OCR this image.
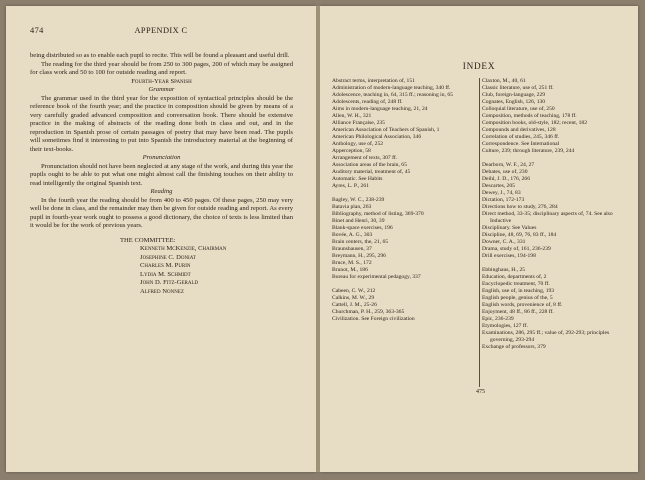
474	APPENDIX C

being distributed so as to enable each pupil to recite. This will be found a pleasant and useful drill.

The reading for the third year should be from 250 to 300 pages, 200 of which may be assigned for class work and 50 to 100 for outside reading and report.

Fourth-Year Spanish

Grammar

The grammar used in the third year for the exposition of syntactical principles should be the reference book of the fourth year; and the practice in composition should be given by means of a very carefully graded advanced composition and conversation book. There should be extensive practice in the making of abstracts of the reading done both in class and out, and in the reproduction in Spanish prose of certain passages of poetry that may have been read. The pupils will sometimes find it interesting to put into Spanish the introductory material at the beginning of their text-books.

Pronunciation

Pronunciation should not have been neglected at any stage of the work, and during this year the pupils ought to be able to put what one might almost call the finishing touches on their ability to read intelligently the original Spanish text.

Reading

In the fourth year the reading should be from 400 to 450 pages. Of these pages, 250 may very well be done in class, and the remainder may then be given for outside reading and report. As every pupil in fourth-year work ought to possess a good dictionary, the choice of texts is less limited than it would be for the work of previous years.

THE COMMITTEE:
Kenneth McKenzie, Chairman
Josephine C. Doniat
Charles M. Purin
Lydia M. Schmidt
John D. Fitz-Gerald
Alfred Nonnez
INDEX
Abstract terms, interpretation of, 151
Administration of modern-language teaching, 340 ff.
Adolescence, teaching in, 64, 315 ff.; reasoning in, 65
Adolescents, reading of, 248 ff.
Aims in modern-language teaching, 21, 24
Allen, W. H., 321
Alliance Française, 235
American Association of Teachers of Spanish, 1
American Philological Association, 346
Anthology, use of, 252
Apperception, 58
Arrangement of texts, 307 ff.
Association areas of the brain, 65
Auditory material, treatment of, 45
Automatic. See Habits
Ayres, L. P., 261
Bagley, W. C., 238-239
Batavia plan, 263
Bibliography, method of listing, 369-370
Binet and Henri, 30, 39
Blank-space exercises, 196
Bovée, A. G., 303
Brain centers, the, 21, 65
Braunshausen, 37
Breymann, H., 295, 296
Bruce, M. S., 172
Brunot, M., 186
Bureau for experimental pedagogy, 337
Cabeen, C. W., 212
Calkins, M. W., 29
Cattell, J. M., 25-26
Churchman, P. H., 259, 363-365
Civilization. See Foreign civilization
Claxton, M., 40, 61
Classic literature, use of, 251 ff.
Club, foreign-language, 229
Cognates, English, 126, 130
Colloquial literature, use of, 250
Composition, methods of teaching, 178 ff.
Composition books, old-style, 182; recent, 182
Compounds and derivatives, 128
Correlation of studies, 245, 346 ff.
Correspondence. See International
Culture, 239; through literature, 239, 244
Dearborn, W. F., 24, 27
Debates, use of, 230
Deihl, J. D., 176, 266
Descartes, 205
Dewey, J., 74, 83
Dictation, 172-173
Directions how to study, 276, 284
Direct method, 33-35; disciplinary aspects of, 74. See also Inductive
Disciplinary. See Values
Discipline, 48, 69, 76, 83 ff., 184
Downer, C. A., 331
Drama, study of, 161, 236-239
Drill exercises, 194-198
Ebbinghaus, H., 25
Education, departments of, 2
Encyclopedic treatment, 70 ff.
English, use of, in teaching, 193
English people, genius of the, 5
English words, provenience of, 8 ff.
Enjoyment, 48 ff., 86 ff., 228 ff.
Epic, 236-239
Etymologies, 127 ff.
Examinations, 286, 295 ff.; value of, 292-293; principles governing, 293-294
Exchange of professors, 379
475
